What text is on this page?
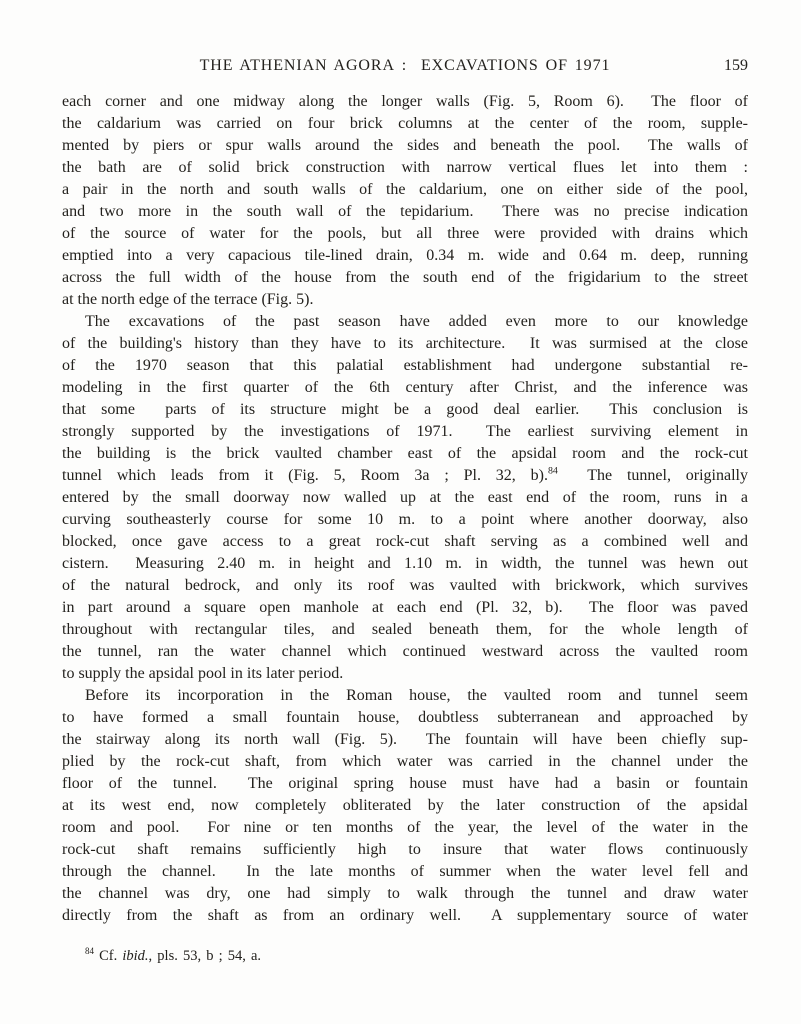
THE ATHENIAN AGORA :  EXCAVATIONS OF 1971	159
each corner and one midway along the longer walls (Fig. 5, Room 6).  The floor of
the caldarium was carried on four brick columns at the center of the room, supple-
mented by piers or spur walls around the sides and beneath the pool.  The walls of
the bath are of solid brick construction with narrow vertical flues let into them :
a pair in the north and south walls of the caldarium, one on either side of the pool,
and two more in the south wall of the tepidarium.  There was no precise indication
of the source of water for the pools, but all three were provided with drains which
emptied into a very capacious tile-lined drain, 0.34 m. wide and 0.64 m. deep, running
across the full width of the house from the south end of the frigidarium to the street
at the north edge of the terrace (Fig. 5).
The excavations of the past season have added even more to our knowledge
of the building's history than they have to its architecture.  It was surmised at the close
of the 1970 season that this palatial establishment had undergone substantial re-
modeling in the first quarter of the 6th century after Christ, and the inference was
that some  parts of its structure might be a good deal earlier.  This conclusion is
strongly supported by the investigations of 1971.  The earliest surviving element in
the building is the brick vaulted chamber east of the apsidal room and the rock-cut
tunnel which leads from it (Fig. 5, Room 3a ; Pl. 32, b).$^{84}$  The tunnel, originally
entered by the small doorway now walled up at the east end of the room, runs in a
curving southeasterly course for some 10 m. to a point where another doorway, also
blocked, once gave access to a great rock-cut shaft serving as a combined well and
cistern.  Measuring 2.40 m. in height and 1.10 m. in width, the tunnel was hewn out
of the natural bedrock, and only its roof was vaulted with brickwork, which survives
in part around a square open manhole at each end (Pl. 32, b).  The floor was paved
throughout with rectangular tiles, and sealed beneath them, for the whole length of
the tunnel, ran the water channel which continued westward across the vaulted room
to supply the apsidal pool in its later period.
Before its incorporation in the Roman house, the vaulted room and tunnel seem
to have formed a small fountain house, doubtless subterranean and approached by
the stairway along its north wall (Fig. 5).  The fountain will have been chiefly sup-
plied by the rock-cut shaft, from which water was carried in the channel under the
floor of the tunnel.  The original spring house must have had a basin or fountain
at its west end, now completely obliterated by the later construction of the apsidal
room and pool.  For nine or ten months of the year, the level of the water in the
rock-cut shaft remains sufficiently high to insure that water flows continuously
through the channel.  In the late months of summer when the water level fell and
the channel was dry, one had simply to walk through the tunnel and draw water
directly from the shaft as from an ordinary well.  A supplementary source of water
$^{84}$ Cf. ibid., pls. 53, b ; 54, a.
